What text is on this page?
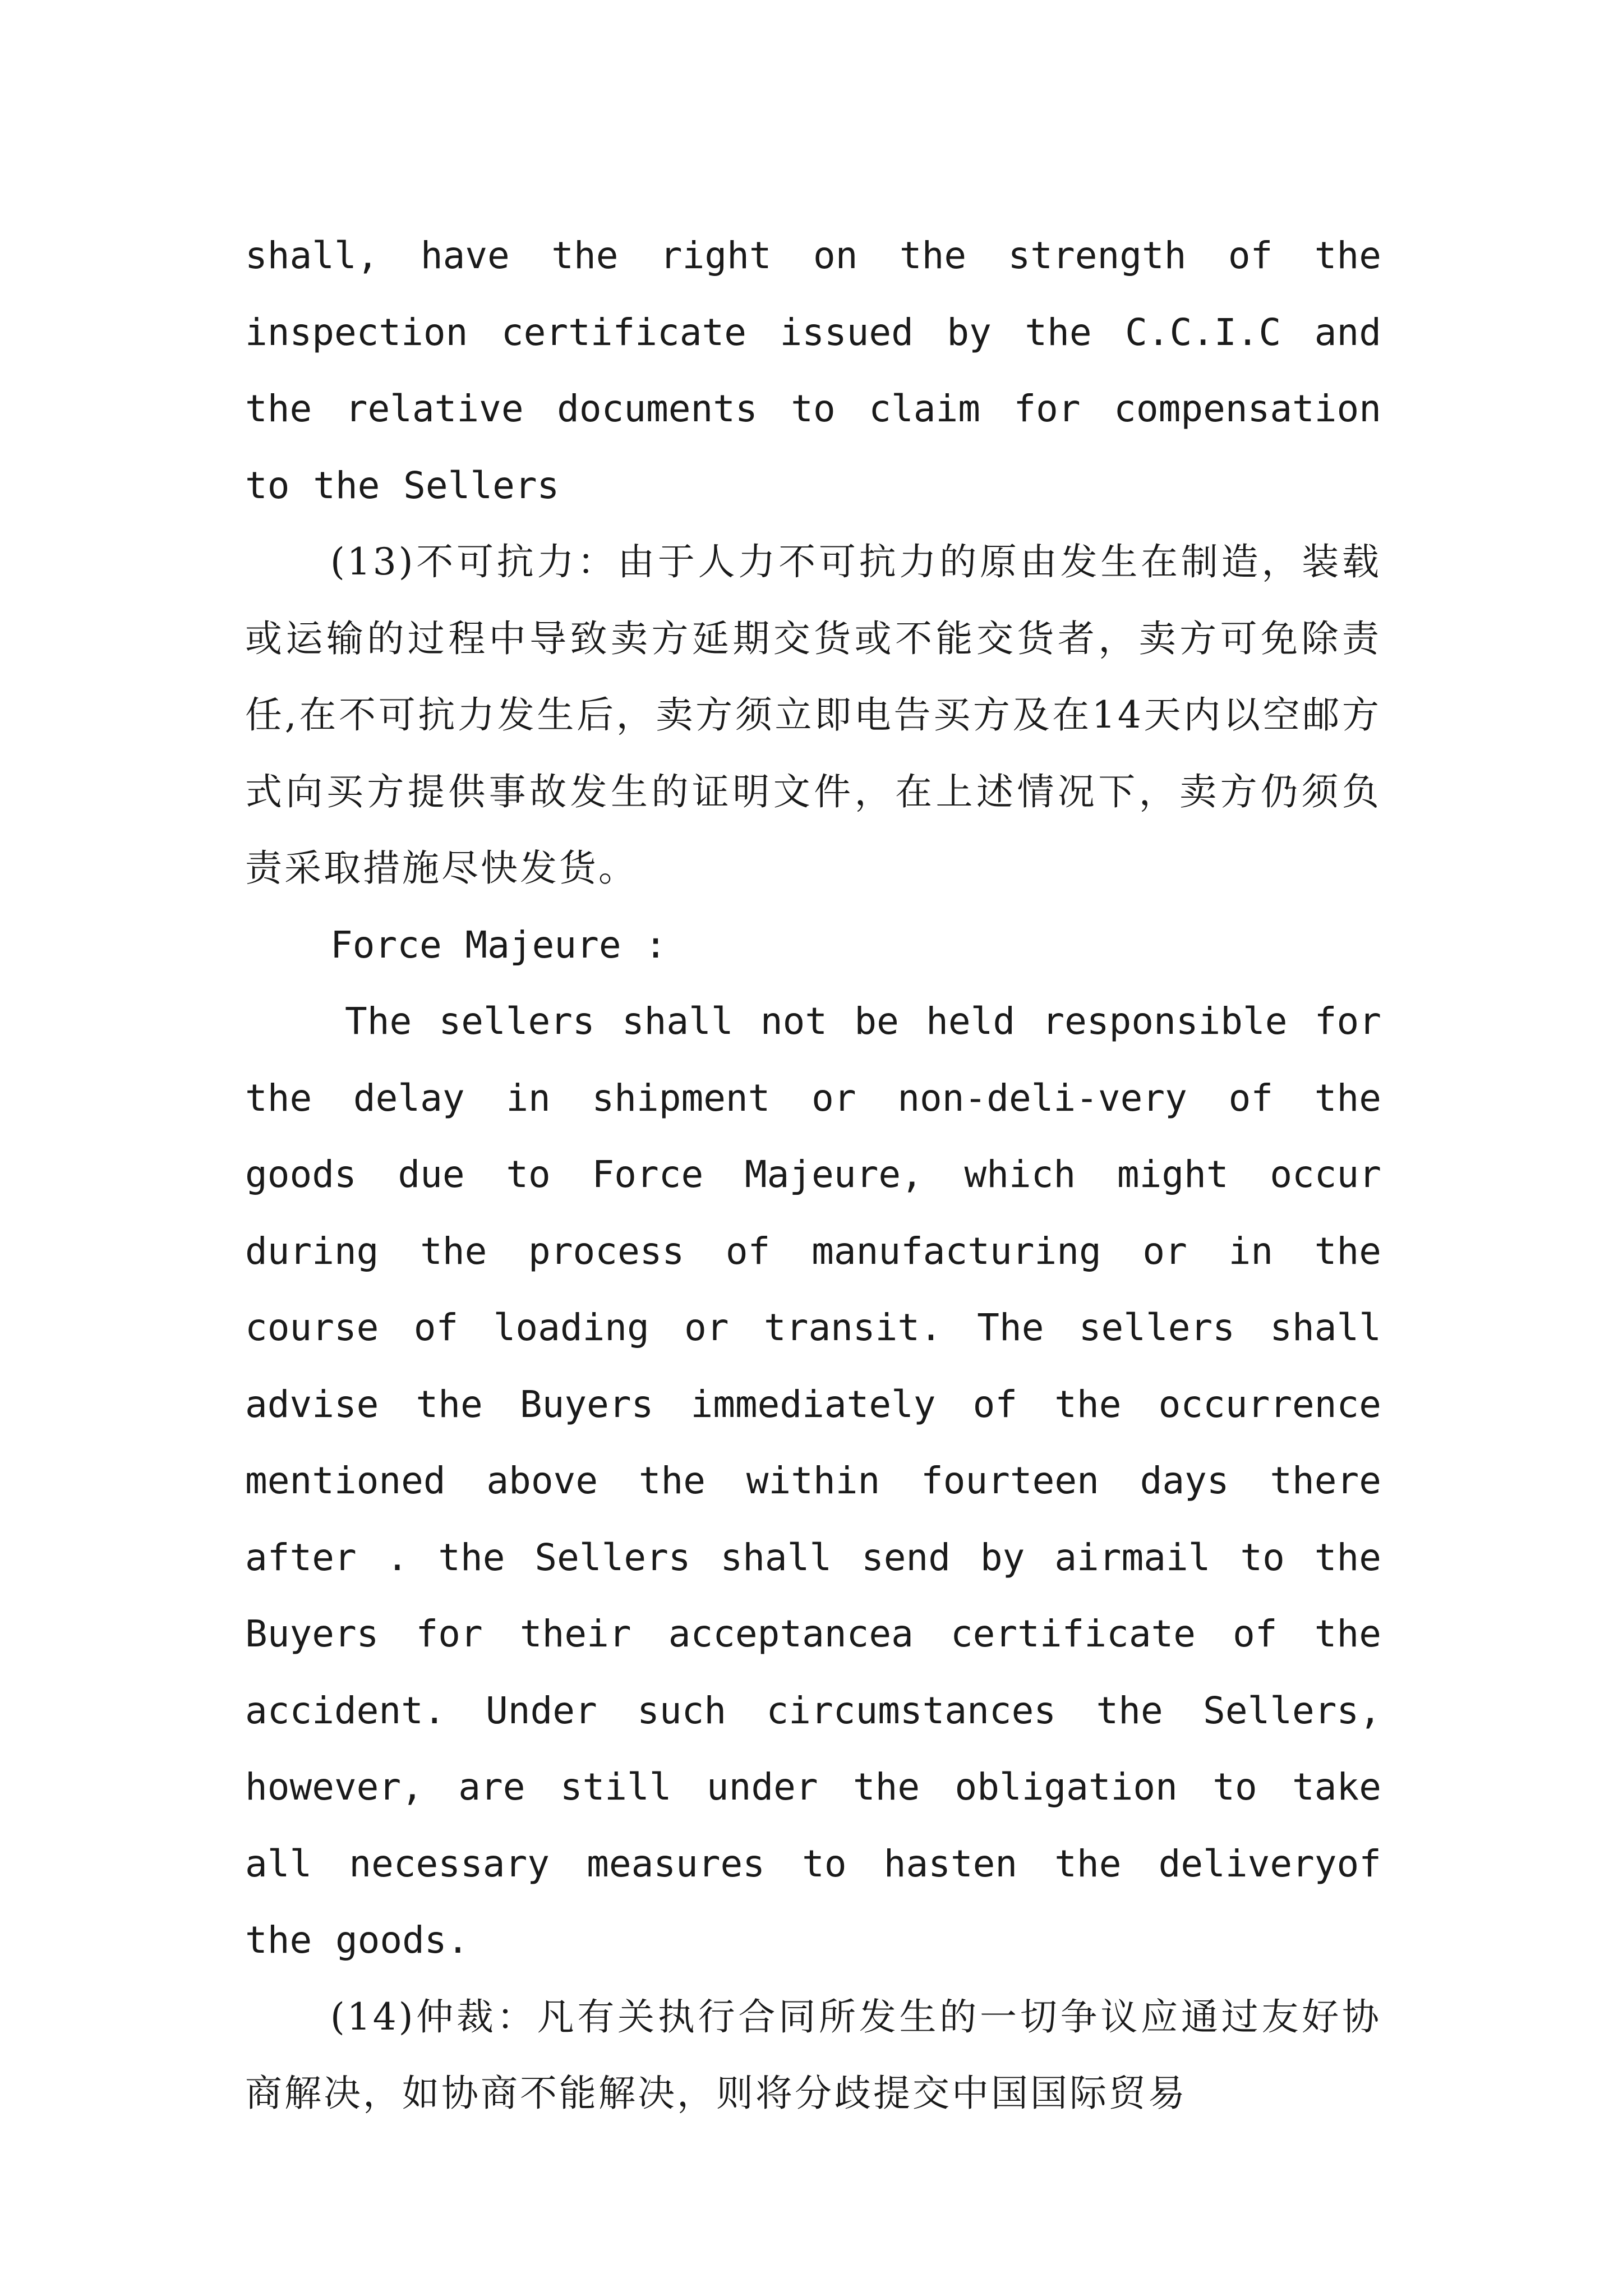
shall, have the right on the strength of the inspection certificate issued by the C.C.I.C and the relative documents to claim for compensation to the Sellers

(13)不可抗力：由于人力不可抗力的原由发生在制造，装载或运输的过程中导致卖方延期交货或不能交货者，卖方可免除责任,在不可抗力发生后，卖方须立即电告买方及在14天内以空邮方式向买方提供事故发生的证明文件，在上述情况下，卖方仍须负责采取措施尽快发货。

Force Majeure :

The sellers shall not be held responsible for the delay in shipment or non-deli-very of the goods due to Force Majeure, which might occur during the process of manufacturing or in the course of loading or transit. The sellers shall advise the Buyers immediately of the occurrence mentioned above the within fourteen days there after . the Sellers shall send by airmail to the Buyers for their acceptancea certificate of the accident. Under such circumstances the Sellers, however, are still under the obligation to take all necessary measures to hasten the deliveryof the goods.

(14)仲裁：凡有关执行合同所发生的一切争议应通过友好协商解决，如协商不能解决，则将分歧提交中国国际贸易
